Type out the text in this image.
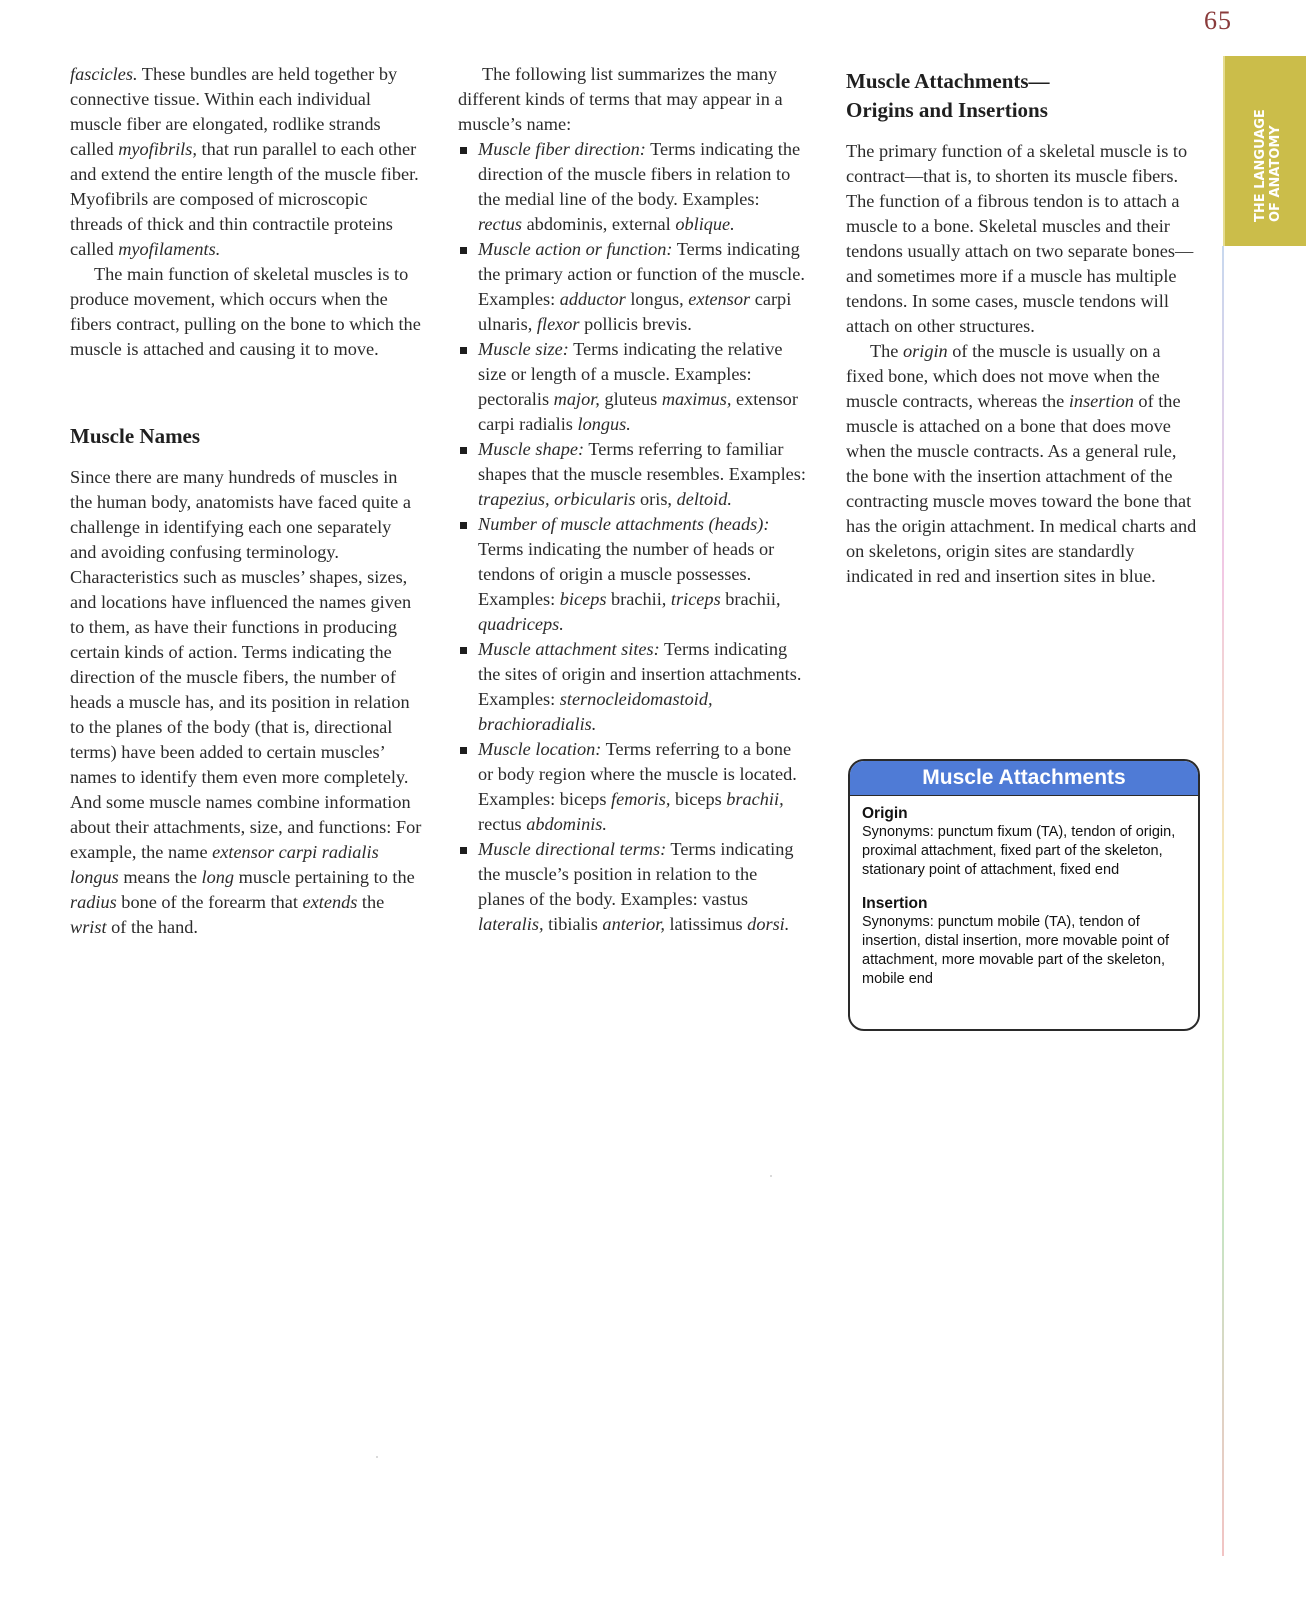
65
THE LANGUAGE OF ANATOMY

fascicles. These bundles are held together by connective tissue. Within each individual muscle fiber are elongated, rodlike strands called myofibrils, that run parallel to each other and extend the entire length of the muscle fiber. Myofibrils are composed of microscopic threads of thick and thin contractile proteins called myofilaments.

The main function of skeletal muscles is to produce movement, which occurs when the fibers contract, pulling on the bone to which the muscle is attached and causing it to move.

Muscle Names

Since there are many hundreds of muscles in the human body, anatomists have faced quite a challenge in identifying each one separately and avoiding confusing terminology. Characteristics such as muscles’ shapes, sizes, and locations have influenced the names given to them, as have their functions in producing certain kinds of action. Terms indicating the direction of the muscle fibers, the number of heads a muscle has, and its position in relation to the planes of the body (that is, directional terms) have been added to certain muscles’ names to identify them even more completely. And some muscle names combine information about their attachments, size, and functions: For example, the name extensor carpi radialis longus means the long muscle pertaining to the radius bone of the forearm that extends the wrist of the hand.

The following list summarizes the many different kinds of terms that may appear in a muscle’s name:

Muscle fiber direction: Terms indicating the direction of the muscle fibers in relation to the medial line of the body. Examples: rectus abdominis, external oblique.
Muscle action or function: Terms indicating the primary action or function of the muscle. Examples: adductor longus, extensor carpi ulnaris, flexor pollicis brevis.
Muscle size: Terms indicating the relative size or length of a muscle. Examples: pectoralis major, gluteus maximus, extensor carpi radialis longus.
Muscle shape: Terms referring to familiar shapes that the muscle resembles. Examples: trapezius, orbicularis oris, deltoid.
Number of muscle attachments (heads): Terms indicating the number of heads or tendons of origin a muscle possesses. Examples: biceps brachii, triceps brachii, quadriceps.
Muscle attachment sites: Terms indicating the sites of origin and insertion attachments. Examples: sternocleidomastoid, brachioradialis.
Muscle location: Terms referring to a bone or body region where the muscle is located. Examples: biceps femoris, biceps brachii, rectus abdominis.
Muscle directional terms: Terms indicating the muscle’s position in relation to the planes of the body. Examples: vastus lateralis, tibialis anterior, latissimus dorsi.
Muscle Attachments—
Origins and Insertions

The primary function of a skeletal muscle is to contract—that is, to shorten its muscle fibers. The function of a fibrous tendon is to attach a muscle to a bone. Skeletal muscles and their tendons usually attach on two separate bones—and sometimes more if a muscle has multiple tendons. In some cases, muscle tendons will attach on other structures.

The origin of the muscle is usually on a fixed bone, which does not move when the muscle contracts, whereas the insertion of the muscle is attached on a bone that does move when the muscle contracts. As a general rule, the bone with the insertion attachment of the contracting muscle moves toward the bone that has the origin attachment. In medical charts and on skeletons, origin sites are standardly indicated in red and insertion sites in blue.

Muscle Attachments
Origin
Synonyms: punctum fixum (TA), tendon of origin, proximal attachment, fixed part of the skeleton, stationary point of attachment, fixed end
Insertion
Synonyms: punctum mobile (TA), tendon of insertion, distal insertion, more movable point of attachment, more movable part of the skeleton, mobile end
